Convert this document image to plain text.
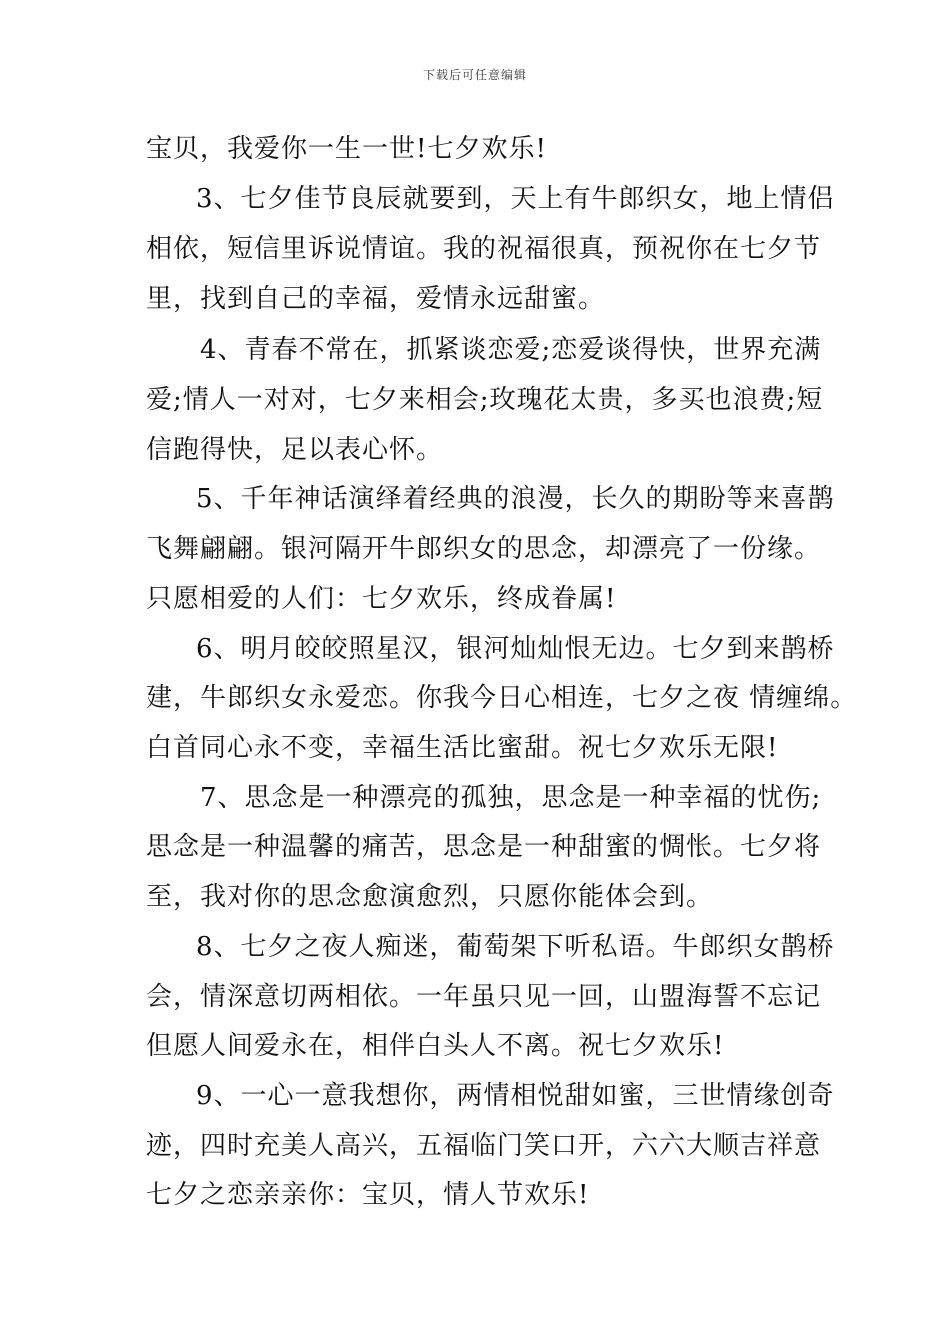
下载后可任意编辑
宝贝，我爱你一生一世!七夕欢乐!
3、七夕佳节良辰就要到，天上有牛郎织女，地上情侣
相依，短信里诉说情谊。我的祝福很真，预祝你在七夕节
里，找到自己的幸福，爱情永远甜蜜。
4、青春不常在，抓紧谈恋爱;恋爱谈得快，世界充满
爱;情人一对对，七夕来相会;玫瑰花太贵，多买也浪费;短
信跑得快，足以表心怀。
5、千年神话演绎着经典的浪漫，长久的期盼等来喜鹊
飞舞翩翩。银河隔开牛郎织女的思念，却漂亮了一份缘。
只愿相爱的人们：七夕欢乐，终成眷属!
6、明月皎皎照星汉，银河灿灿恨无边。七夕到来鹊桥
建，牛郎织女永爱恋。你我今日心相连，七夕之夜 情缠绵。
白首同心永不变，幸福生活比蜜甜。祝七夕欢乐无限!
7、思念是一种漂亮的孤独，思念是一种幸福的忧伤;
思念是一种温馨的痛苦，思念是一种甜蜜的惆怅。七夕将
至，我对你的思念愈演愈烈，只愿你能体会到。
8、七夕之夜人痴迷，葡萄架下听私语。牛郎织女鹊桥
会，情深意切两相依。一年虽只见一回，山盟海誓不忘记
但愿人间爱永在，相伴白头人不离。祝七夕欢乐!
9、一心一意我想你，两情相悦甜如蜜，三世情缘创奇
迹，四时充美人高兴，五福临门笑口开，六六大顺吉祥意
七夕之恋亲亲你：宝贝，情人节欢乐!
